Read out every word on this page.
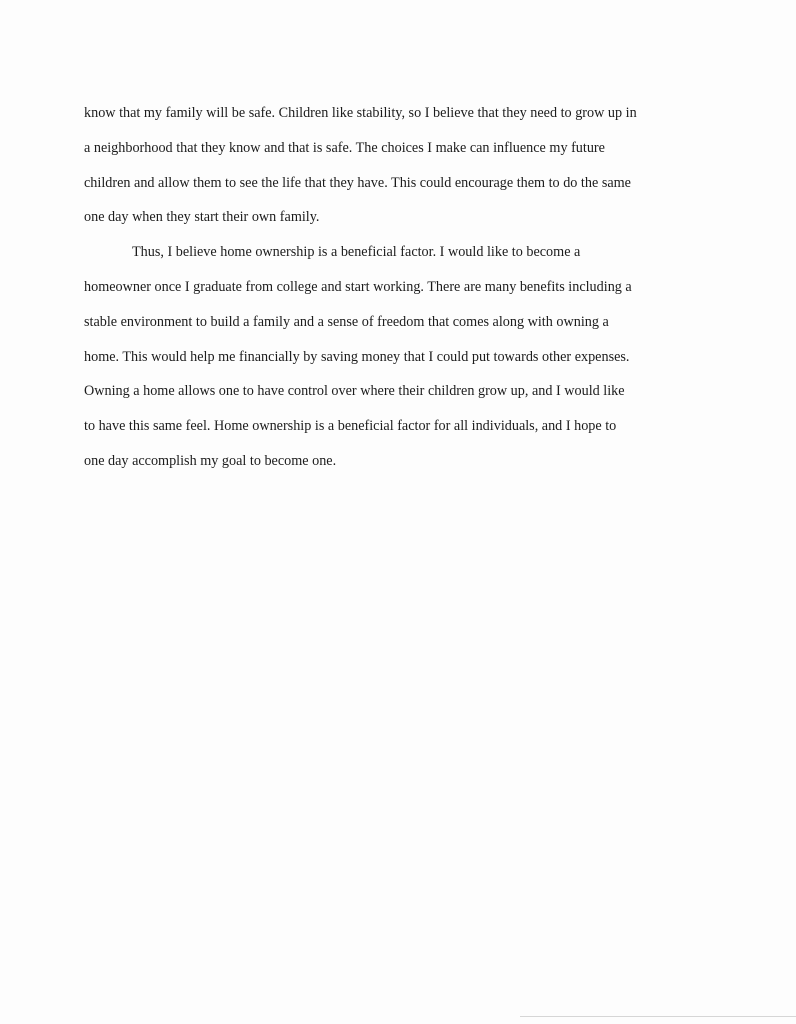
know that my family will be safe. Children like stability, so I believe that they need to grow up in
a neighborhood that they know and that is safe. The choices I make can influence my future
children and allow them to see the life that they have. This could encourage them to do the same
one day when they start their own family.
Thus, I believe home ownership is a beneficial factor. I would like to become a
homeowner once I graduate from college and start working. There are many benefits including a
stable environment to build a family and a sense of freedom that comes along with owning a
home. This would help me financially by saving money that I could put towards other expenses.
Owning a home allows one to have control over where their children grow up, and I would like
to have this same feel. Home ownership is a beneficial factor for all individuals, and I hope to
one day accomplish my goal to become one.
